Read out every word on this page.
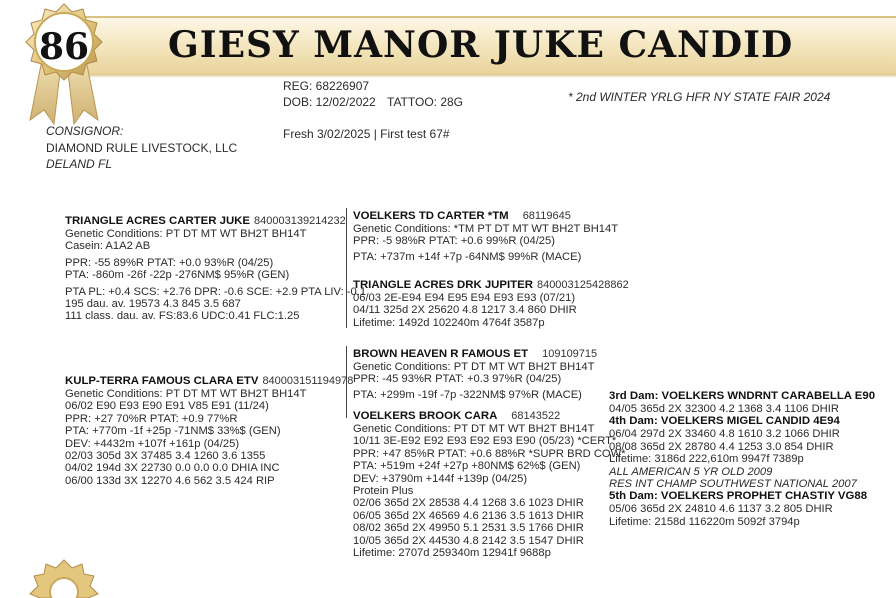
86	GIESY MANOR JUKE CANDID
REG: 68226907
DOB: 12/02/2022 TATTOO: 28G	* 2nd WINTER YRLG HFR NY STATE FAIR 2024
Fresh 3/02/2025 | First test 67#
CONSIGNOR:
DIAMOND RULE LIVESTOCK, LLC
DELAND FL
TRIANGLE ACRES CARTER JUKE 840003139214232
Genetic Conditions: PT DT MT WT BH2T BH14T
Casein: A1A2 AB
PPR: -55 89%R PTAT: +0.0 93%R (04/25)
PTA: -860m -26f -22p -276NM$ 95%R (GEN)
PTA PL: +0.4 SCS: +2.76 DPR: -0.6 SCE: +2.9 PTA LIV: -0.1
195 dau. av. 19573 4.3 845 3.5 687
111 class. dau. av. FS:83.6 UDC:0.41 FLC:1.25
VOELKERS TD CARTER *TM 68119645
Genetic Conditions: *TM PT DT MT WT BH2T BH14T
PPR: -5 98%R PTAT: +0.6 99%R (04/25)
PTA: +737m +14f +7p -64NM$ 99%R (MACE)
TRIANGLE ACRES DRK JUPITER 840003125428862
06/03 2E-E94 E94 E95 E94 E93 E93 (07/21)
04/11 325d 2X 25620 4.8 1217 3.4 860 DHIR
Lifetime: 1492d 102240m 4764f 3587p
KULP-TERRA FAMOUS CLARA ETV 840003151194978
Genetic Conditions: PT DT MT WT BH2T BH14T
06/02 E90 E93 E90 E91 V85 E91 (11/24)
PPR: +27 70%R PTAT: +0.9 77%R
PTA: +770m -1f +25p -71NM$ 33%$ (GEN)
DEV: +4432m +107f +161p (04/25)
02/03 305d 3X 37485 3.4 1260 3.6 1355
04/02 194d 3X 22730 0.0 0.0 0.0 DHIA INC
06/00 133d 3X 12270 4.6 562 3.5 424 RIP
BROWN HEAVEN R FAMOUS ET 109109715
Genetic Conditions: PT DT MT WT BH2T BH14T
PPR: -45 93%R PTAT: +0.3 97%R (04/25)
PTA: +299m -19f -7p -322NM$ 97%R (MACE)
VOELKERS BROOK CARA 68143522
Genetic Conditions: PT DT MT WT BH2T BH14T
10/11 3E-E92 E92 E93 E92 E93 E90 (05/23) *CERT*
PPR: +47 85%R PTAT: +0.6 88%R *SUPR BRD COW*
PTA: +519m +24f +27p +80NM$ 62%$ (GEN)
DEV: +3790m +144f +139p (04/25)
Protein Plus
02/06 365d 2X 28538 4.4 1268 3.6 1023 DHIR
06/05 365d 2X 46569 4.6 2136 3.5 1613 DHIR
08/02 365d 2X 49950 5.1 2531 3.5 1766 DHIR
10/05 365d 2X 44530 4.8 2142 3.5 1547 DHIR
Lifetime: 2707d 259340m 12941f 9688p
3rd Dam: VOELKERS WNDRNT CARABELLA E90
04/05 365d 2X 32300 4.2 1368 3.4 1106 DHIR
4th Dam: VOELKERS MIGEL CANDID 4E94
06/04 297d 2X 33460 4.8 1610 3.2 1066 DHIR
08/08 365d 2X 28780 4.4 1253 3.0 854 DHIR
Lifetime: 3186d 222,610m 9947f 7389p
ALL AMERICAN 5 YR OLD 2009
RES INT CHAMP SOUTHWEST NATIONAL 2007
5th Dam: VOELKERS PROPHET CHASTIY VG88
05/06 365d 2X 24810 4.6 1137 3.2 805 DHIR
Lifetime: 2158d 116220m 5092f 3794p
